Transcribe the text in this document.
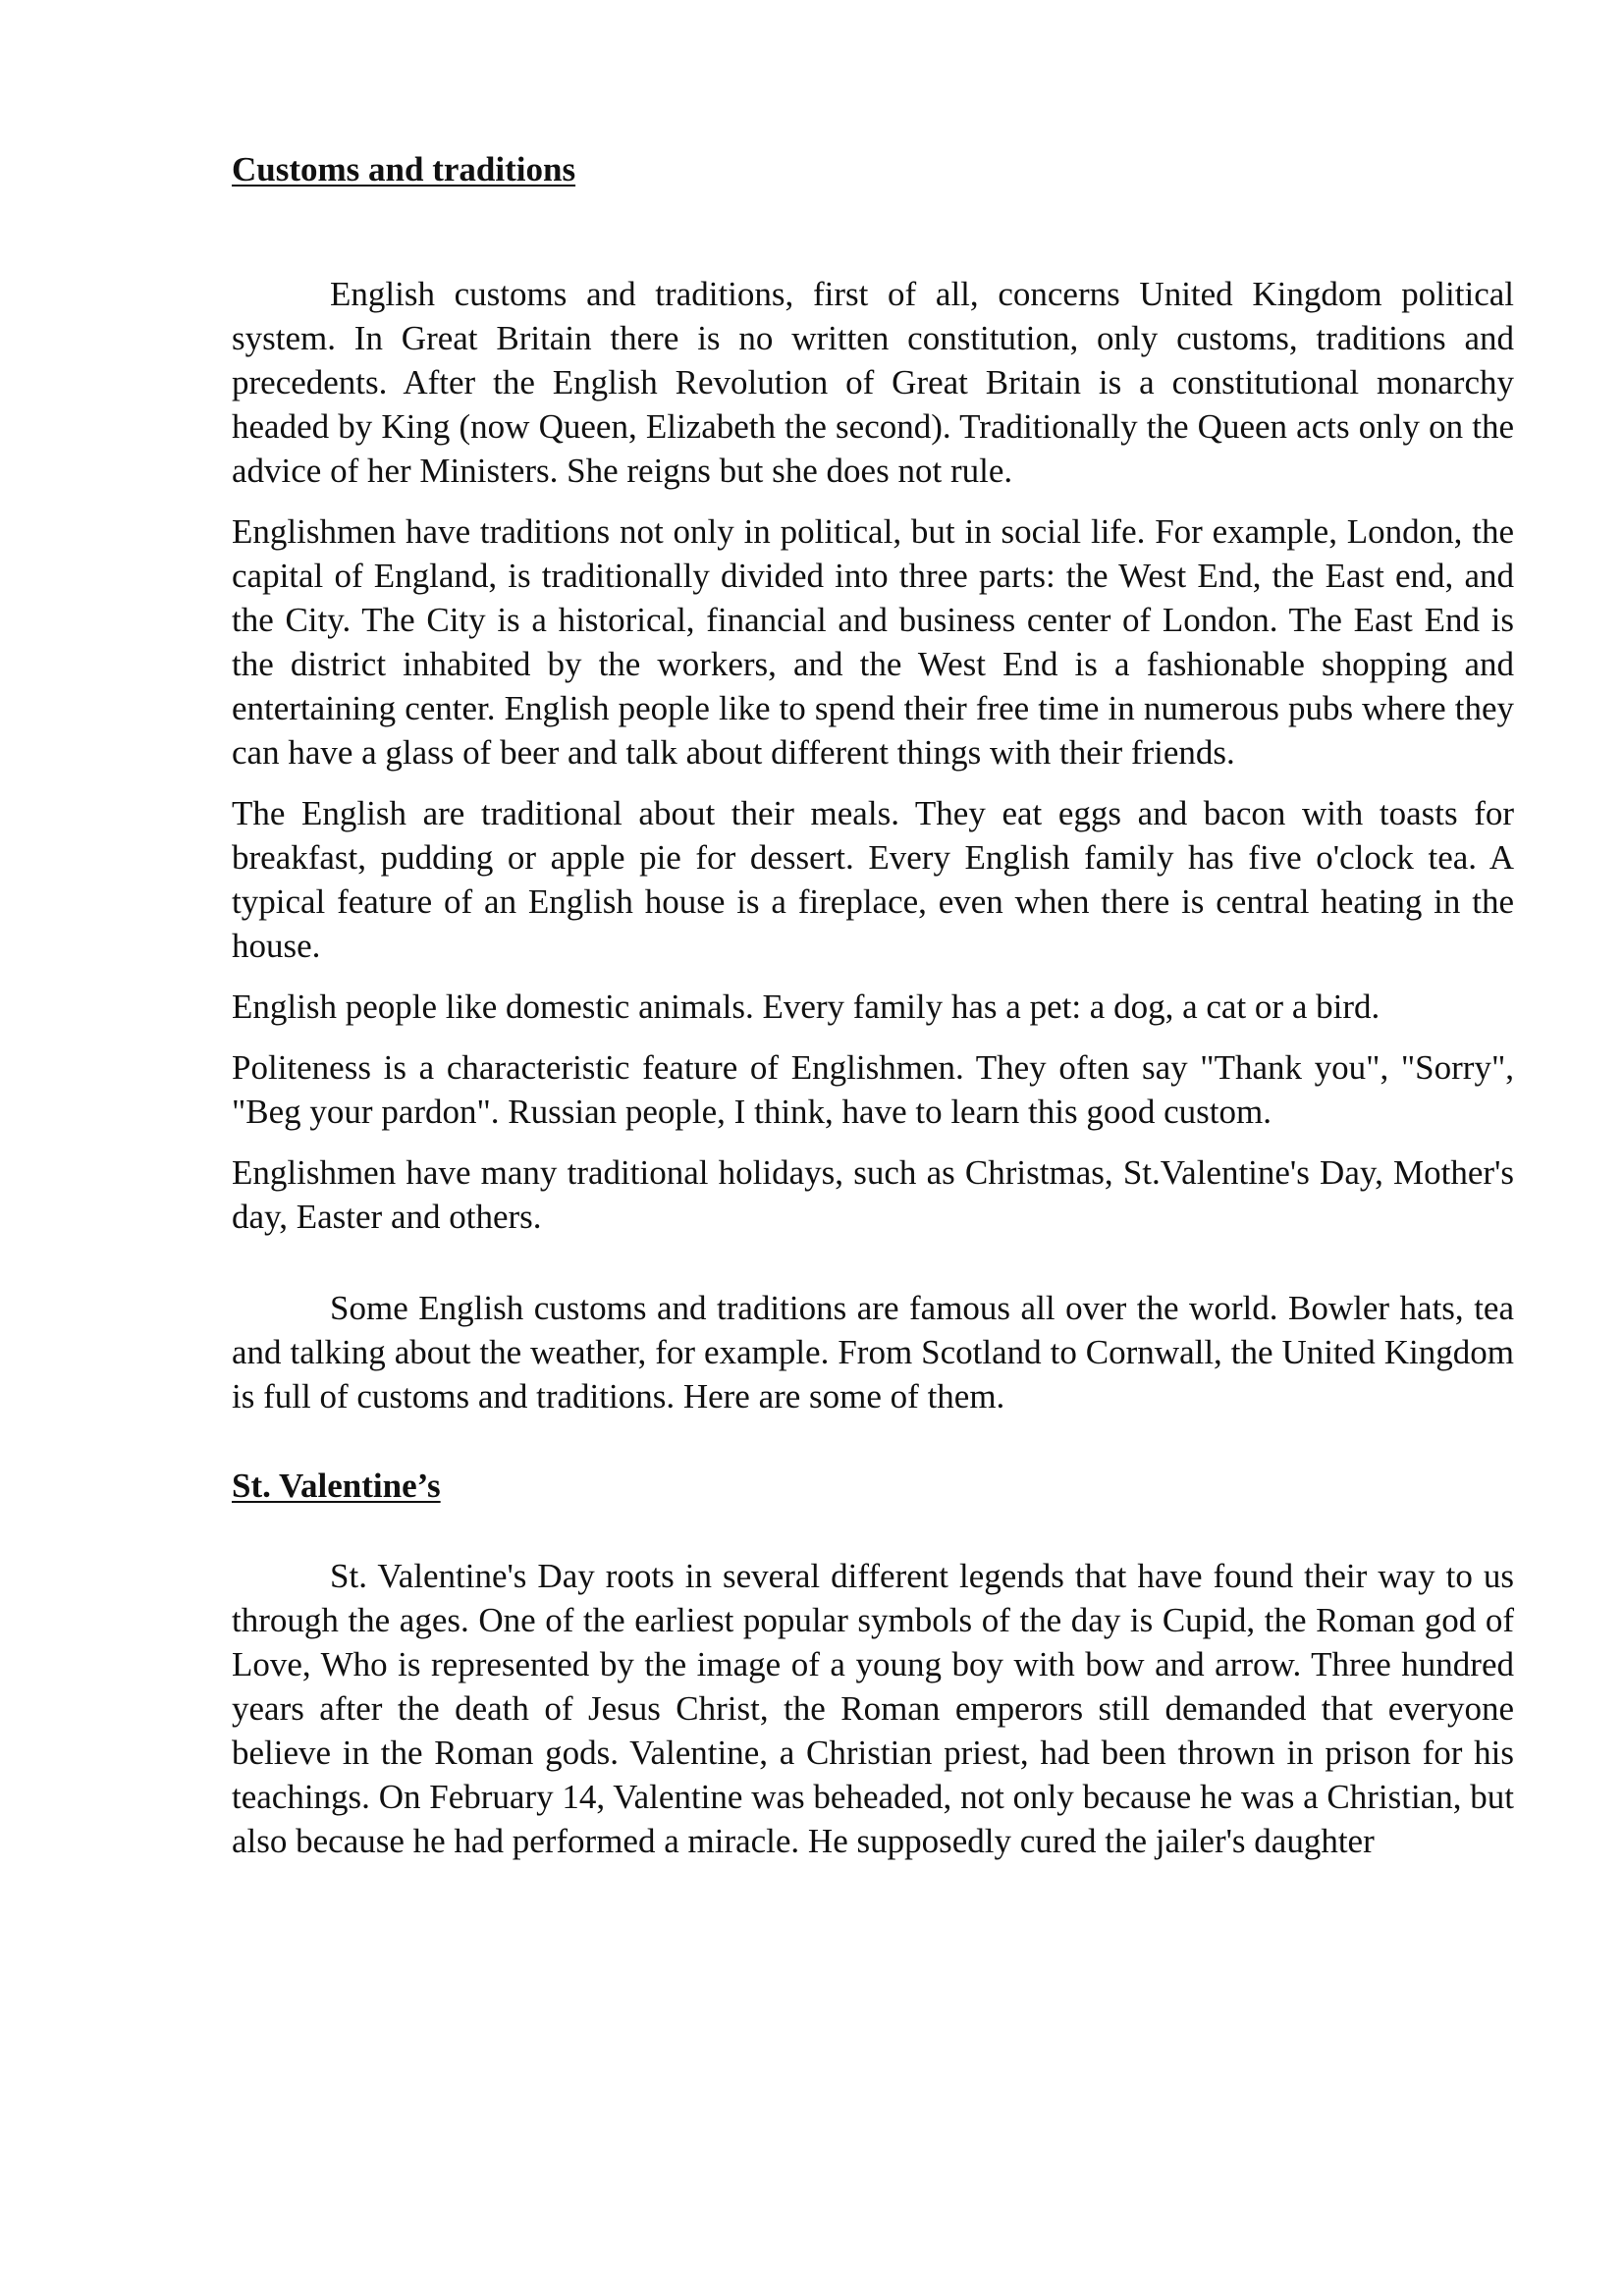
Customs and traditions

English customs and traditions, first of all, concerns United Kingdom political system. In Great Britain there is no written constitution, only customs, traditions and precedents. After the English Revolution of Great Britain is a constitutional monarchy headed by King (now Queen, Elizabeth the second). Traditionally the Queen acts only on the advice of her Ministers. She reigns but she does not rule.

Englishmen have traditions not only in political, but in social life. For example, London, the capital of England, is traditionally divided into three parts: the West End, the East end, and the City. The City is a historical, financial and business center of London. The East End is the district inhabited by the workers, and the West End is a fashionable shopping and entertaining center. English people like to spend their free time in numerous pubs where they can have a glass of beer and talk about different things with their friends.

The English are traditional about their meals. They eat eggs and bacon with toasts for breakfast, pudding or apple pie for dessert. Every English family has five o'clock tea. A typical feature of an English house is a fireplace, even when there is central heating in the house.

English people like domestic animals. Every family has a pet: a dog, a cat or a bird.

Politeness is a characteristic feature of Englishmen. They often say "Thank you", "Sorry", "Beg your pardon". Russian people, I think, have to learn this good custom.

Englishmen have many traditional holidays, such as Christmas, St.Valentine's Day, Mother's day, Easter and others.

Some English customs and traditions are famous all over the world. Bowler hats, tea and talking about the weather, for example. From Scotland to Cornwall, the United Kingdom is full of customs and traditions. Here are some of them.

St. Valentine’s

St. Valentine's Day roots in several different legends that have found their way to us through the ages. One of the earliest popular symbols of the day is Cupid, the Roman god of Love, Who is represented by the image of a young boy with bow and arrow. Three hundred years after the death of Jesus Christ, the Roman emperors still demanded that everyone believe in the Roman gods. Valentine, a Christian priest, had been thrown in prison for his teachings. On February 14, Valentine was beheaded, not only because he was a Christian, but also because he had performed a miracle. He supposedly cured the jailer's daughter
